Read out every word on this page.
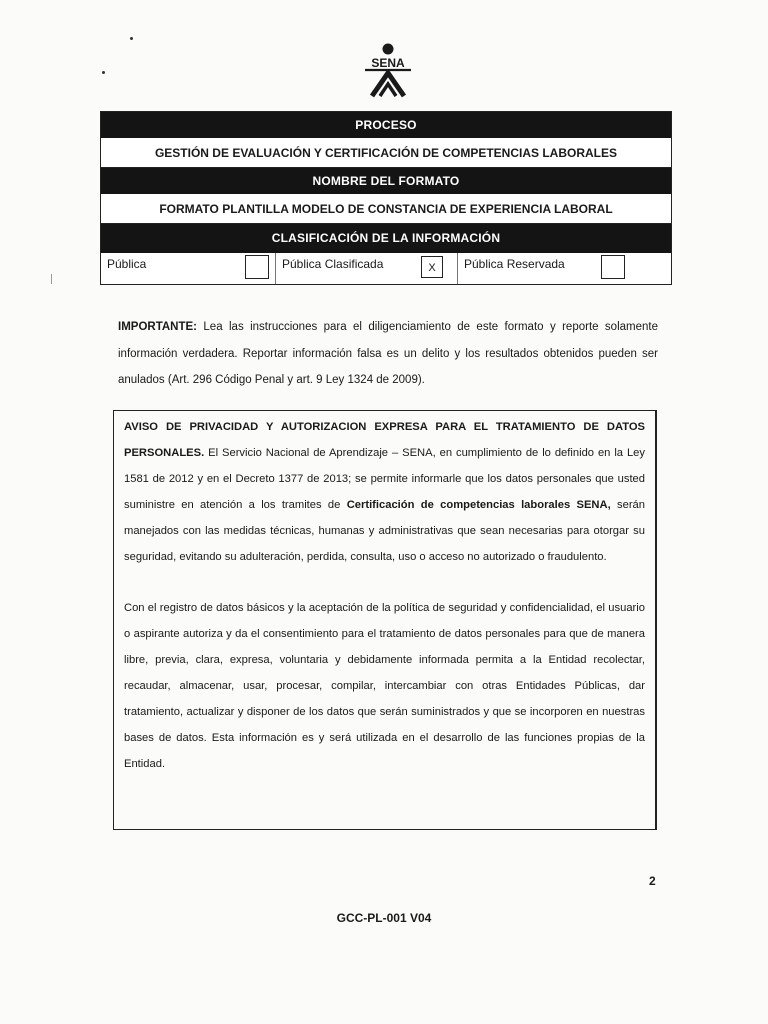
SENA
PROCESO
GESTIÓN DE EVALUACIÓN Y CERTIFICACIÓN DE COMPETENCIAS LABORALES
NOMBRE DEL FORMATO
FORMATO PLANTILLA MODELO DE CONSTANCIA DE EXPERIENCIA LABORAL
CLASIFICACIÓN DE LA INFORMACIÓN
Pública	Pública Clasificada	X	Pública Reservada
IMPORTANTE: Lea las instrucciones para el diligenciamiento de este formato y reporte solamente información verdadera. Reportar información falsa es un delito y los resultados obtenidos pueden ser anulados (Art. 296 Código Penal y art. 9 Ley 1324 de 2009).

AVISO DE PRIVACIDAD Y AUTORIZACION EXPRESA PARA EL TRATAMIENTO DE DATOS PERSONALES. El Servicio Nacional de Aprendizaje – SENA, en cumplimiento de lo definido en la Ley 1581 de 2012 y en el Decreto 1377 de 2013; se permite informarle que los datos personales que usted suministre en atención a los tramites de Certificación de competencias laborales SENA, serán manejados con las medidas técnicas, humanas y administrativas que sean necesarias para otorgar su seguridad, evitando su adulteración, perdida, consulta, uso o acceso no autorizado o fraudulento.

Con el registro de datos básicos y la aceptación de la política de seguridad y confidencialidad, el usuario o aspirante autoriza y da el consentimiento para el tratamiento de datos personales para que de manera libre, previa, clara, expresa, voluntaria y debidamente informada permita a la Entidad recolectar, recaudar, almacenar, usar, procesar, compilar, intercambiar con otras Entidades Públicas, dar tratamiento, actualizar y disponer de los datos que serán suministrados y que se incorporen en nuestras bases de datos. Esta información es y será utilizada en el desarrollo de las funciones propias de la Entidad.

2
GCC-PL-001 V04
